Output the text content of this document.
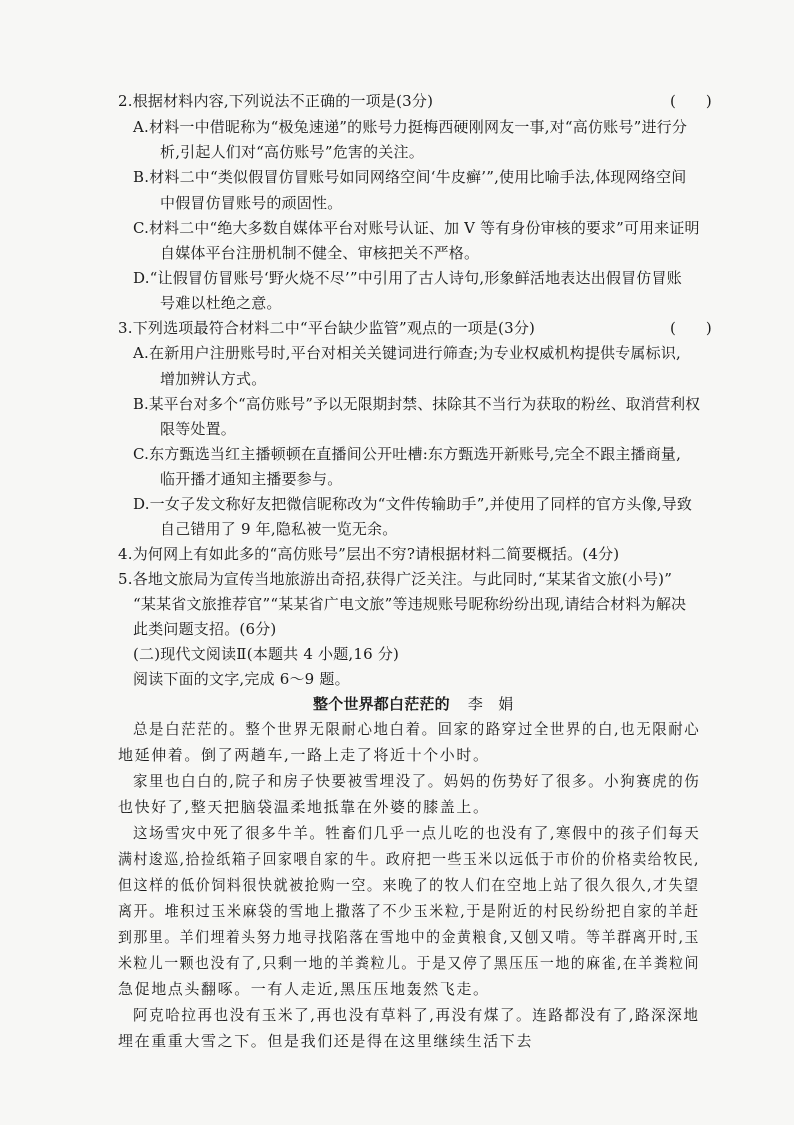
2.根据材料内容,下列说法不正确的一项是(3分)	(　　)
A.材料一中借昵称为“极兔速递”的账号力挺梅西硬刚网友一事,对“高仿账号”进行分
析,引起人们对“高仿账号”危害的关注。
B.材料二中“类似假冒仿冒账号如同网络空间‘牛皮癣’”,使用比喻手法,体现网络空间
中假冒仿冒账号的顽固性。
C.材料二中“绝大多数自媒体平台对账号认证、加 V 等有身份审核的要求”可用来证明
自媒体平台注册机制不健全、审核把关不严格。
D.“让假冒仿冒账号‘野火烧不尽’”中引用了古人诗句,形象鲜活地表达出假冒仿冒账
号难以杜绝之意。
3.下列选项最符合材料二中“平台缺少监管”观点的一项是(3分)	(　　)
A.在新用户注册账号时,平台对相关关键词进行筛查;为专业权威机构提供专属标识,
增加辨认方式。
B.某平台对多个“高仿账号”予以无限期封禁、抹除其不当行为获取的粉丝、取消营利权
限等处置。
C.东方甄选当红主播顿顿在直播间公开吐槽:东方甄选开新账号,完全不跟主播商量,
临开播才通知主播要参与。
D.一女子发文称好友把微信昵称改为“文件传输助手”,并使用了同样的官方头像,导致
自己错用了 9 年,隐私被一览无余。
4.为何网上有如此多的“高仿账号”层出不穷?请根据材料二简要概括。(4分)
5.各地文旅局为宣传当地旅游出奇招,获得广泛关注。与此同时,“某某省文旅(小号)”
“某某省文旅推荐官”“某某省广电文旅”等违规账号昵称纷纷出现,请结合材料为解决
此类问题支招。(6分)
(二)现代文阅读Ⅱ(本题共 4 小题,16 分)
阅读下面的文字,完成 6～9 题。
整个世界都白茫茫的 李　娟
总是白茫茫的。整个世界无限耐心地白着。回家的路穿过全世界的白,也无限耐心
地延伸着。倒了两趟车,一路上走了将近十个小时。
家里也白白的,院子和房子快要被雪埋没了。妈妈的伤势好了很多。小狗赛虎的伤
也快好了,整天把脑袋温柔地抵靠在外婆的膝盖上。
这场雪灾中死了很多牛羊。牲畜们几乎一点儿吃的也没有了,寒假中的孩子们每天
满村逡巡,拾捡纸箱子回家喂自家的牛。政府把一些玉米以远低于市价的价格卖给牧民,
但这样的低价饲料很快就被抢购一空。来晚了的牧人们在空地上站了很久很久,才失望
离开。堆积过玉米麻袋的雪地上撒落了不少玉米粒,于是附近的村民纷纷把自家的羊赶
到那里。羊们埋着头努力地寻找陷落在雪地中的金黄粮食,又刨又啃。等羊群离开时,玉
米粒儿一颗也没有了,只剩一地的羊粪粒儿。于是又停了黑压压一地的麻雀,在羊粪粒间
急促地点头翻啄。一有人走近,黑压压地轰然飞走。
阿克哈拉再也没有玉米了,再也没有草料了,再没有煤了。连路都没有了,路深深地
埋在重重大雪之下。但是我们还是得在这里继续生活下去
